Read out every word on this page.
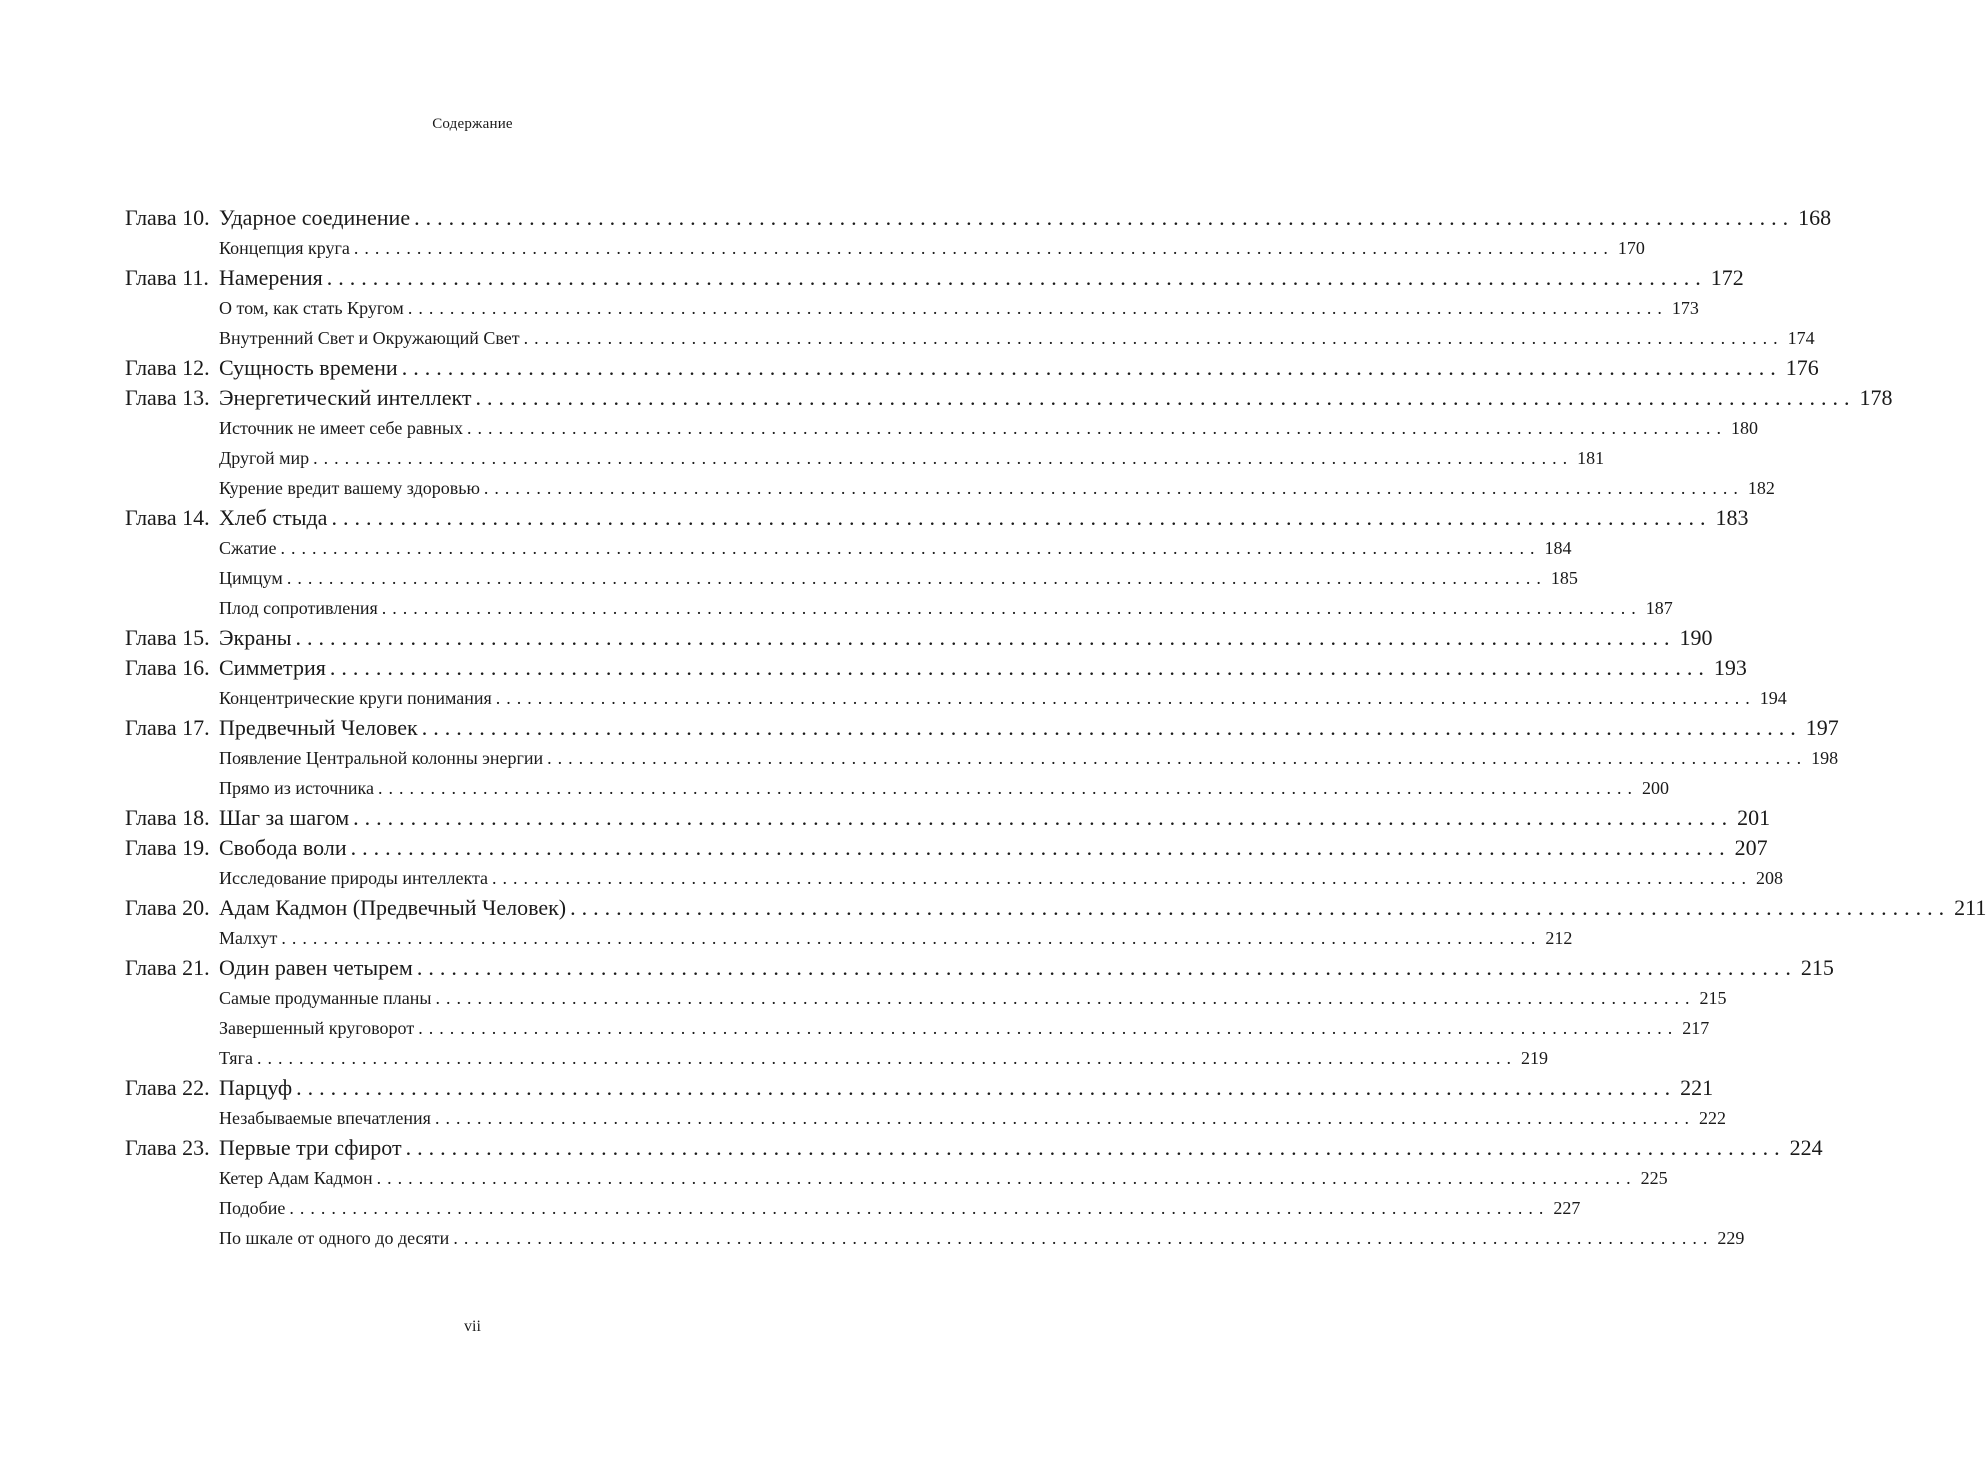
Содержание
Глава 10. Ударное соединение ........................................................................................................................ 168
Концепция круга ........................................................................................................................ 170
Глава 11. Намерения ........................................................................................................................ 172
О том, как стать Кругом ........................................................................................................................ 173
Внутренний Свет и Окружающий Свет ........................................................................................................................ 174
Глава 12. Сущность времени ........................................................................................................................ 176
Глава 13. Энергетический интеллект ........................................................................................................................ 178
Источник не имеет себе равных ........................................................................................................................ 180
Другой мир ........................................................................................................................ 181
Курение вредит вашему здоровью ........................................................................................................................ 182
Глава 14. Хлеб стыда ........................................................................................................................ 183
Сжатие ........................................................................................................................ 184
Цимцум ........................................................................................................................ 185
Плод сопротивления ........................................................................................................................ 187
Глава 15. Экраны ........................................................................................................................ 190
Глава 16. Симметрия ........................................................................................................................ 193
Концентрические круги понимания ........................................................................................................................ 194
Глава 17. Предвечный Человек ........................................................................................................................ 197
Появление Центральной колонны энергии ........................................................................................................................ 198
Прямо из источника ........................................................................................................................ 200
Глава 18. Шаг за шагом ........................................................................................................................ 201
Глава 19. Свобода воли ........................................................................................................................ 207
Исследование природы интеллекта ........................................................................................................................ 208
Глава 20. Адам Кадмон (Предвечный Человек) ........................................................................................................................ 211
Малхут ........................................................................................................................ 212
Глава 21. Один равен четырем ........................................................................................................................ 215
Самые продуманные планы ........................................................................................................................ 215
Завершенный круговорот ........................................................................................................................ 217
Тяга ........................................................................................................................ 219
Глава 22. Парцуф ........................................................................................................................ 221
Незабываемые впечатления ........................................................................................................................ 222
Глава 23. Первые три сфирот ........................................................................................................................ 224
Кетер Адам Кадмон ........................................................................................................................ 225
Подобие ........................................................................................................................ 227
По шкале от одного до десяти ........................................................................................................................ 229
vii
